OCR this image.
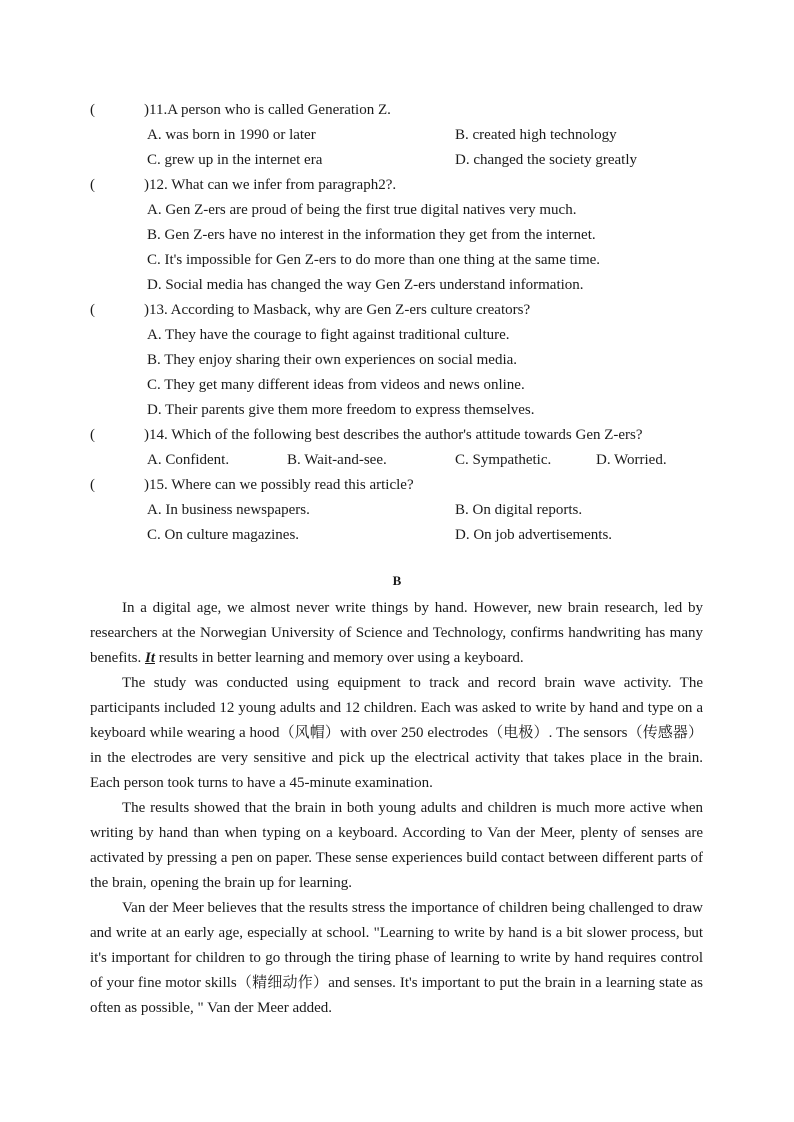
(	)11.A person who is called Generation Z.
A. was born in 1990 or later	B. created high technology
C. grew up in the internet era	D. changed the society greatly
(	)12. What can we infer from paragraph2?.
A. Gen Z-ers are proud of being the first true digital natives very much.
B. Gen Z-ers have no interest in the information they get from the internet.
C. It's impossible for Gen Z-ers to do more than one thing at the same time.
D. Social media has changed the way Gen Z-ers understand information.
(	)13. According to Masback, why are Gen Z-ers culture creators?
A. They have the courage to fight against traditional culture.
B. They enjoy sharing their own experiences on social media.
C. They get many different ideas from videos and news online.
D. Their parents give them more freedom to express themselves.
(	)14. Which of the following best describes the author's attitude towards Gen Z-ers?
A. Confident.	B. Wait-and-see.	C. Sympathetic.	D. Worried.
(	)15. Where can we possibly read this article?
A. In business newspapers.	B. On digital reports.
C. On culture magazines.	D. On job advertisements.
B
In a digital age, we almost never write things by hand. However, new brain research, led by researchers at the Norwegian University of Science and Technology, confirms handwriting has many benefits. It results in better learning and memory over using a keyboard.
The study was conducted using equipment to track and record brain wave activity. The participants included 12 young adults and 12 children. Each was asked to write by hand and type on a keyboard while wearing a hood（风帽）with over 250 electrodes（电极）. The sensors（传感器）in the electrodes are very sensitive and pick up the electrical activity that takes place in the brain. Each person took turns to have a 45-minute examination.
The results showed that the brain in both young adults and children is much more active when writing by hand than when typing on a keyboard. According to Van der Meer, plenty of senses are activated by pressing a pen on paper. These sense experiences build contact between different parts of the brain, opening the brain up for learning.
Van der Meer believes that the results stress the importance of children being challenged to draw and write at an early age, especially at school. "Learning to write by hand is a bit slower process, but it's important for children to go through the tiring phase of learning to write by hand requires control of your fine motor skills（精细动作）and senses. It's important to put the brain in a learning state as often as possible, " Van der Meer added.
